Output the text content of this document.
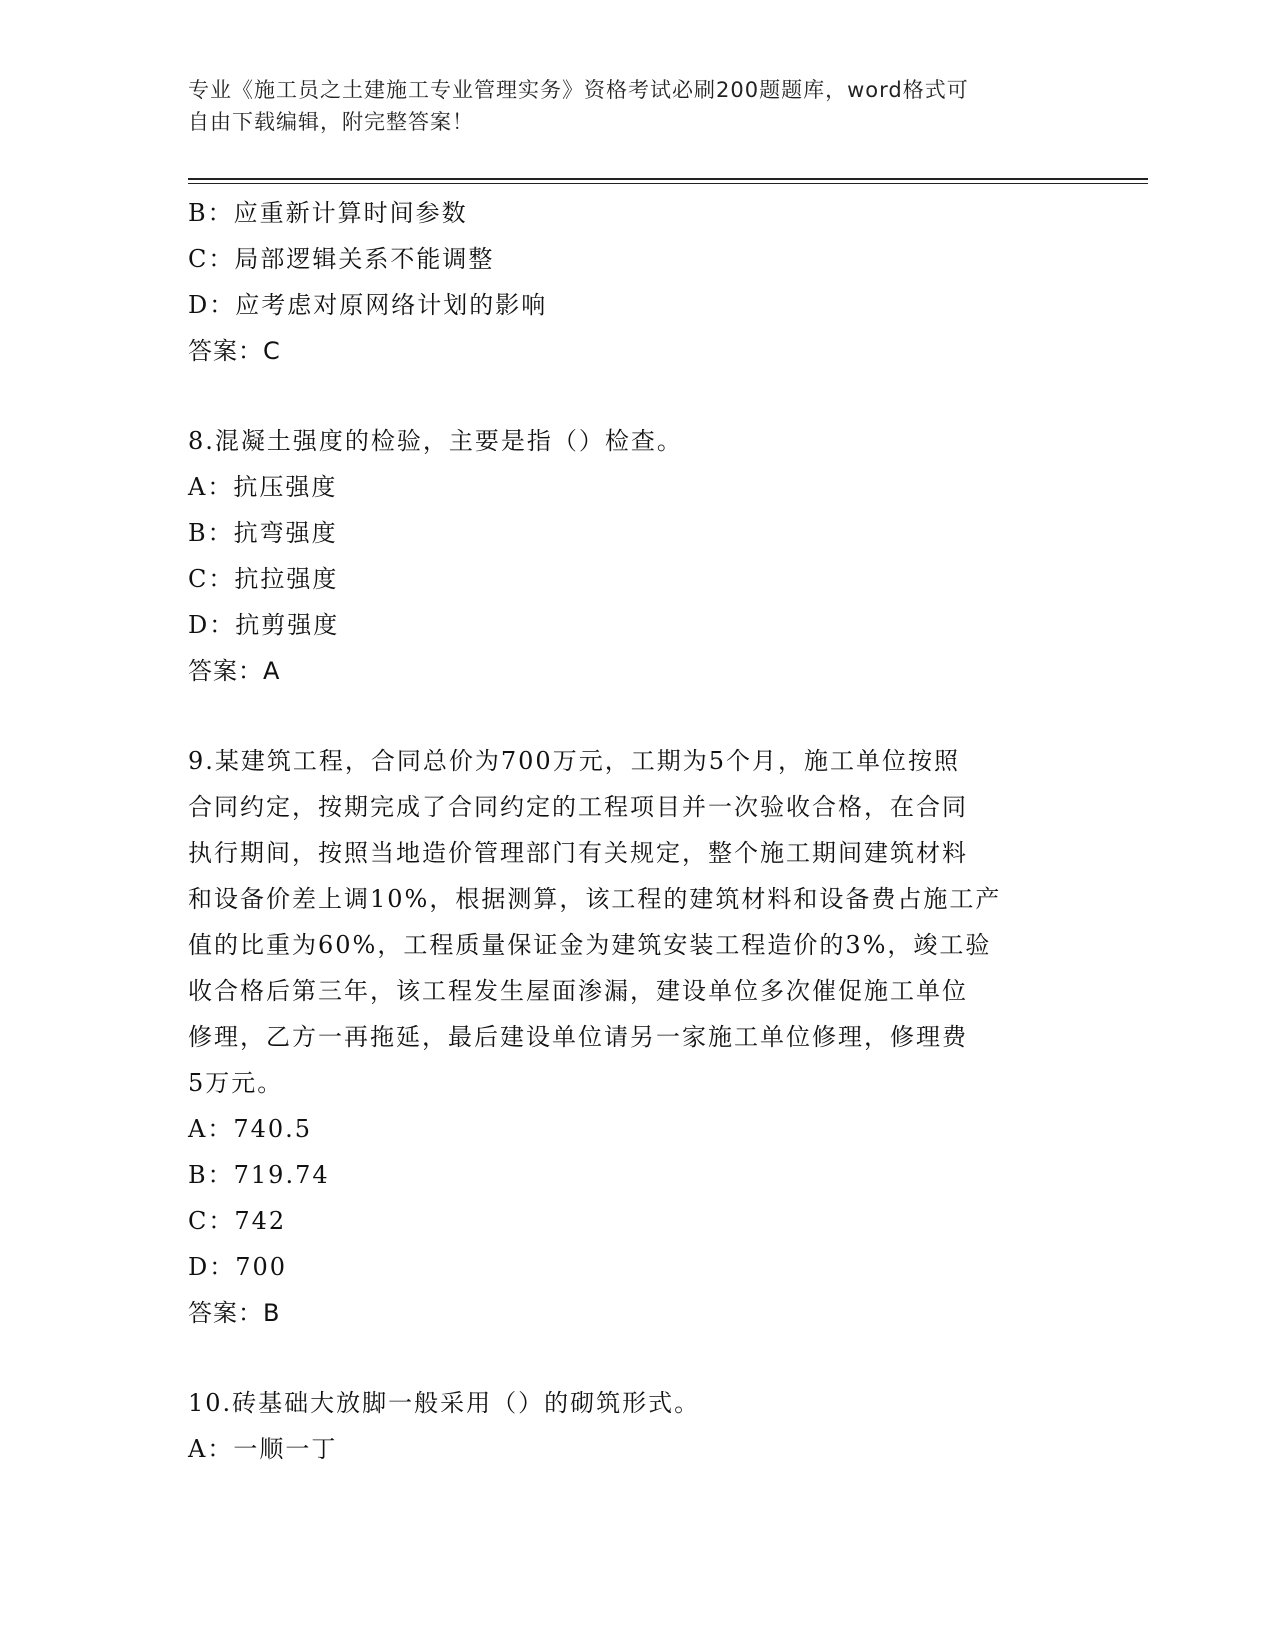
专业《施工员之土建施工专业管理实务》资格考试必刷200题题库，word格式可
自由下载编辑，附完整答案！
B：应重新计算时间参数
C：局部逻辑关系不能调整
D：应考虑对原网络计划的影响
答案：C
8.混凝土强度的检验，主要是指（）检查。
A：抗压强度
B：抗弯强度
C：抗拉强度
D：抗剪强度
答案：A
9.某建筑工程，合同总价为700万元，工期为5个月，施工单位按照
合同约定，按期完成了合同约定的工程项目并一次验收合格，在合同
执行期间，按照当地造价管理部门有关规定，整个施工期间建筑材料
和设备价差上调10%，根据测算，该工程的建筑材料和设备费占施工产
值的比重为60%，工程质量保证金为建筑安装工程造价的3%，竣工验
收合格后第三年，该工程发生屋面渗漏，建设单位多次催促施工单位
修理，乙方一再拖延，最后建设单位请另一家施工单位修理，修理费
5万元。
A：740.5
B：719.74
C：742
D：700
答案：B
10.砖基础大放脚一般采用（）的砌筑形式。
A：一顺一丁
